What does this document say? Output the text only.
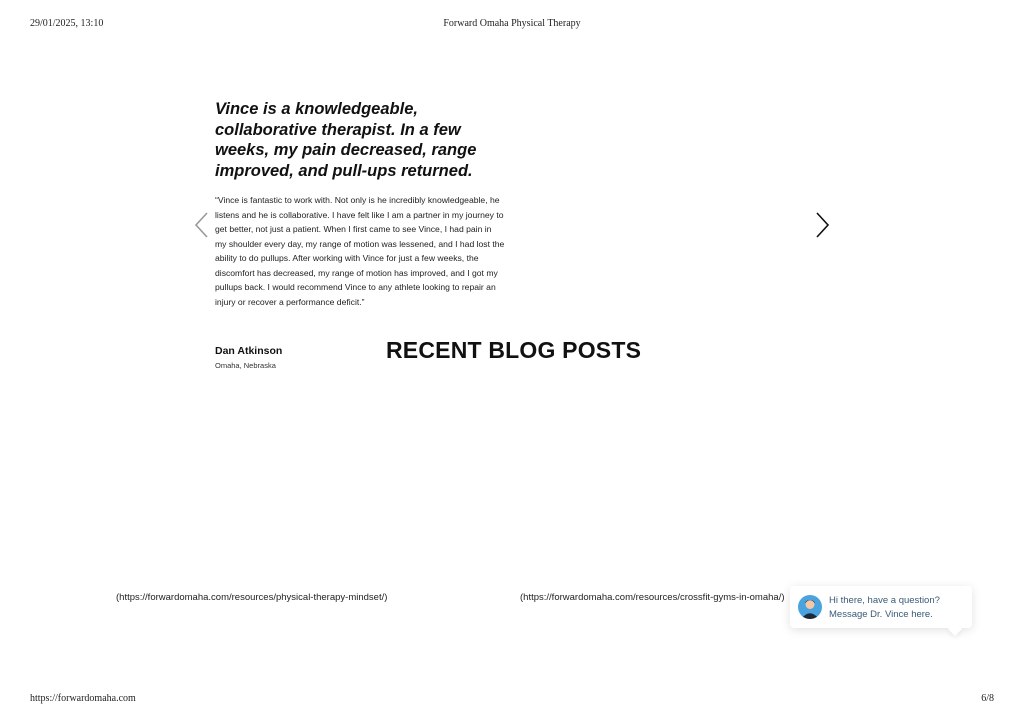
29/01/2025, 13:10	Forward Omaha Physical Therapy
Vince is a knowledgeable, collaborative therapist. In a few weeks, my pain decreased, range improved, and pull-ups returned.

“Vince is fantastic to work with. Not only is he incredibly knowledgeable, he listens and he is collaborative. I have felt like I am a partner in my journey to get better, not just a patient. When I first came to see Vince, I had pain in my shoulder every day, my range of motion was lessened, and I had lost the ability to do pullups. After working with Vince for just a few weeks, the discomfort has decreased, my range of motion has improved, and I got my pullups back. I would recommend Vince to any athlete looking to repair an injury or recover a performance deficit.”

Dan Atkinson
Omaha, Nebraska
RECENT BLOG POSTS
(https://forwardomaha.com/resources/physical-therapy-mindset/)	(https://forwardomaha.com/resources/crossfit-gyms-in-omaha/)	Hi there, have a question?
Message Dr. Vince here.
https://forwardomaha.com	6/8
